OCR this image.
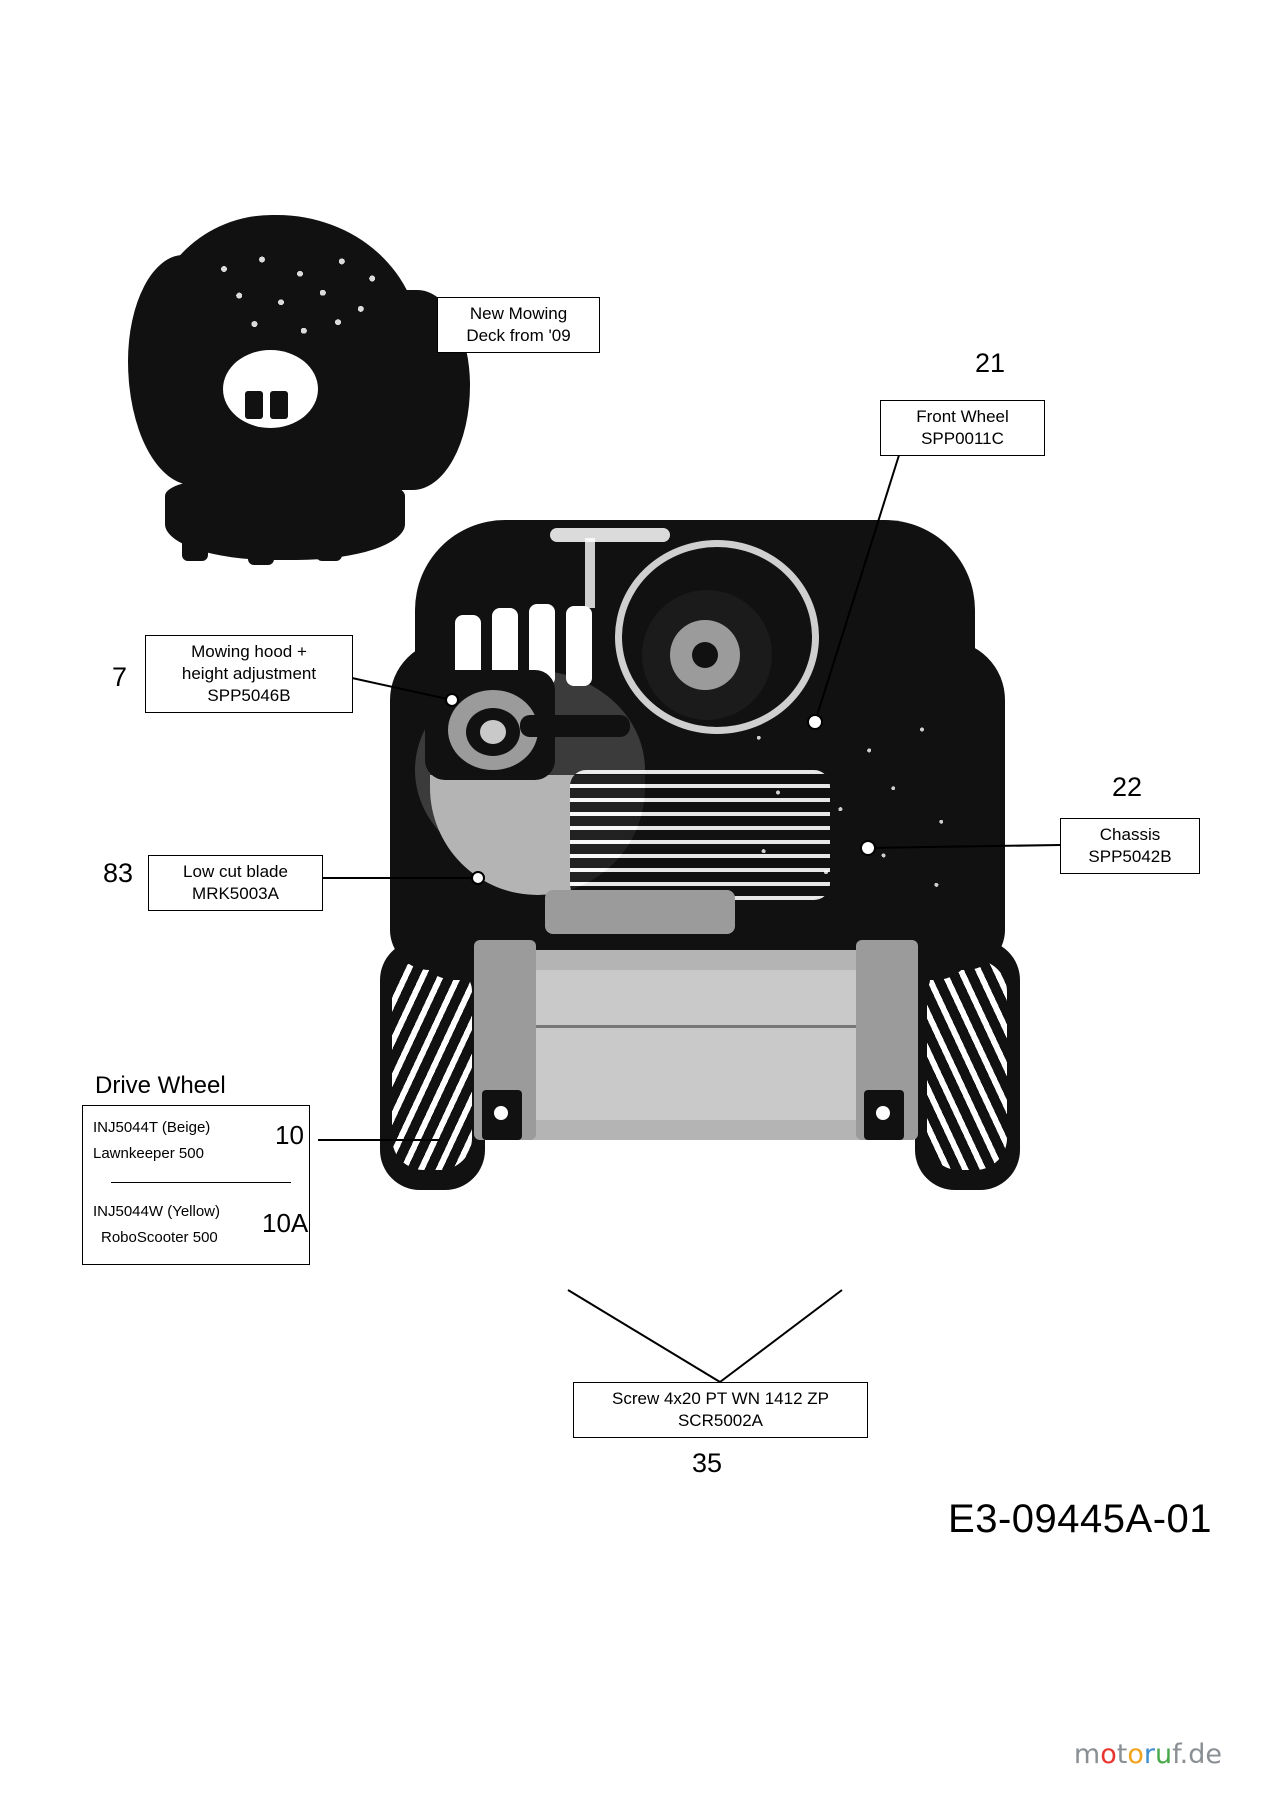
New Mowing
Deck from '09
21
Front Wheel
SPP0011C
7
Mowing hood +
height adjustment
SPP5046B
22
Chassis
SPP5042B
83	Low cut blade
MRK5003A
Screw 4x20 PT WN 1412 ZP
SCR5002A
35
Drive Wheel
INJ5044T (Beige)
Lawnkeeper 500
INJ5044W (Yellow)
RoboScooter 500
10
10A
E3-09445A-01
motoruf.de
